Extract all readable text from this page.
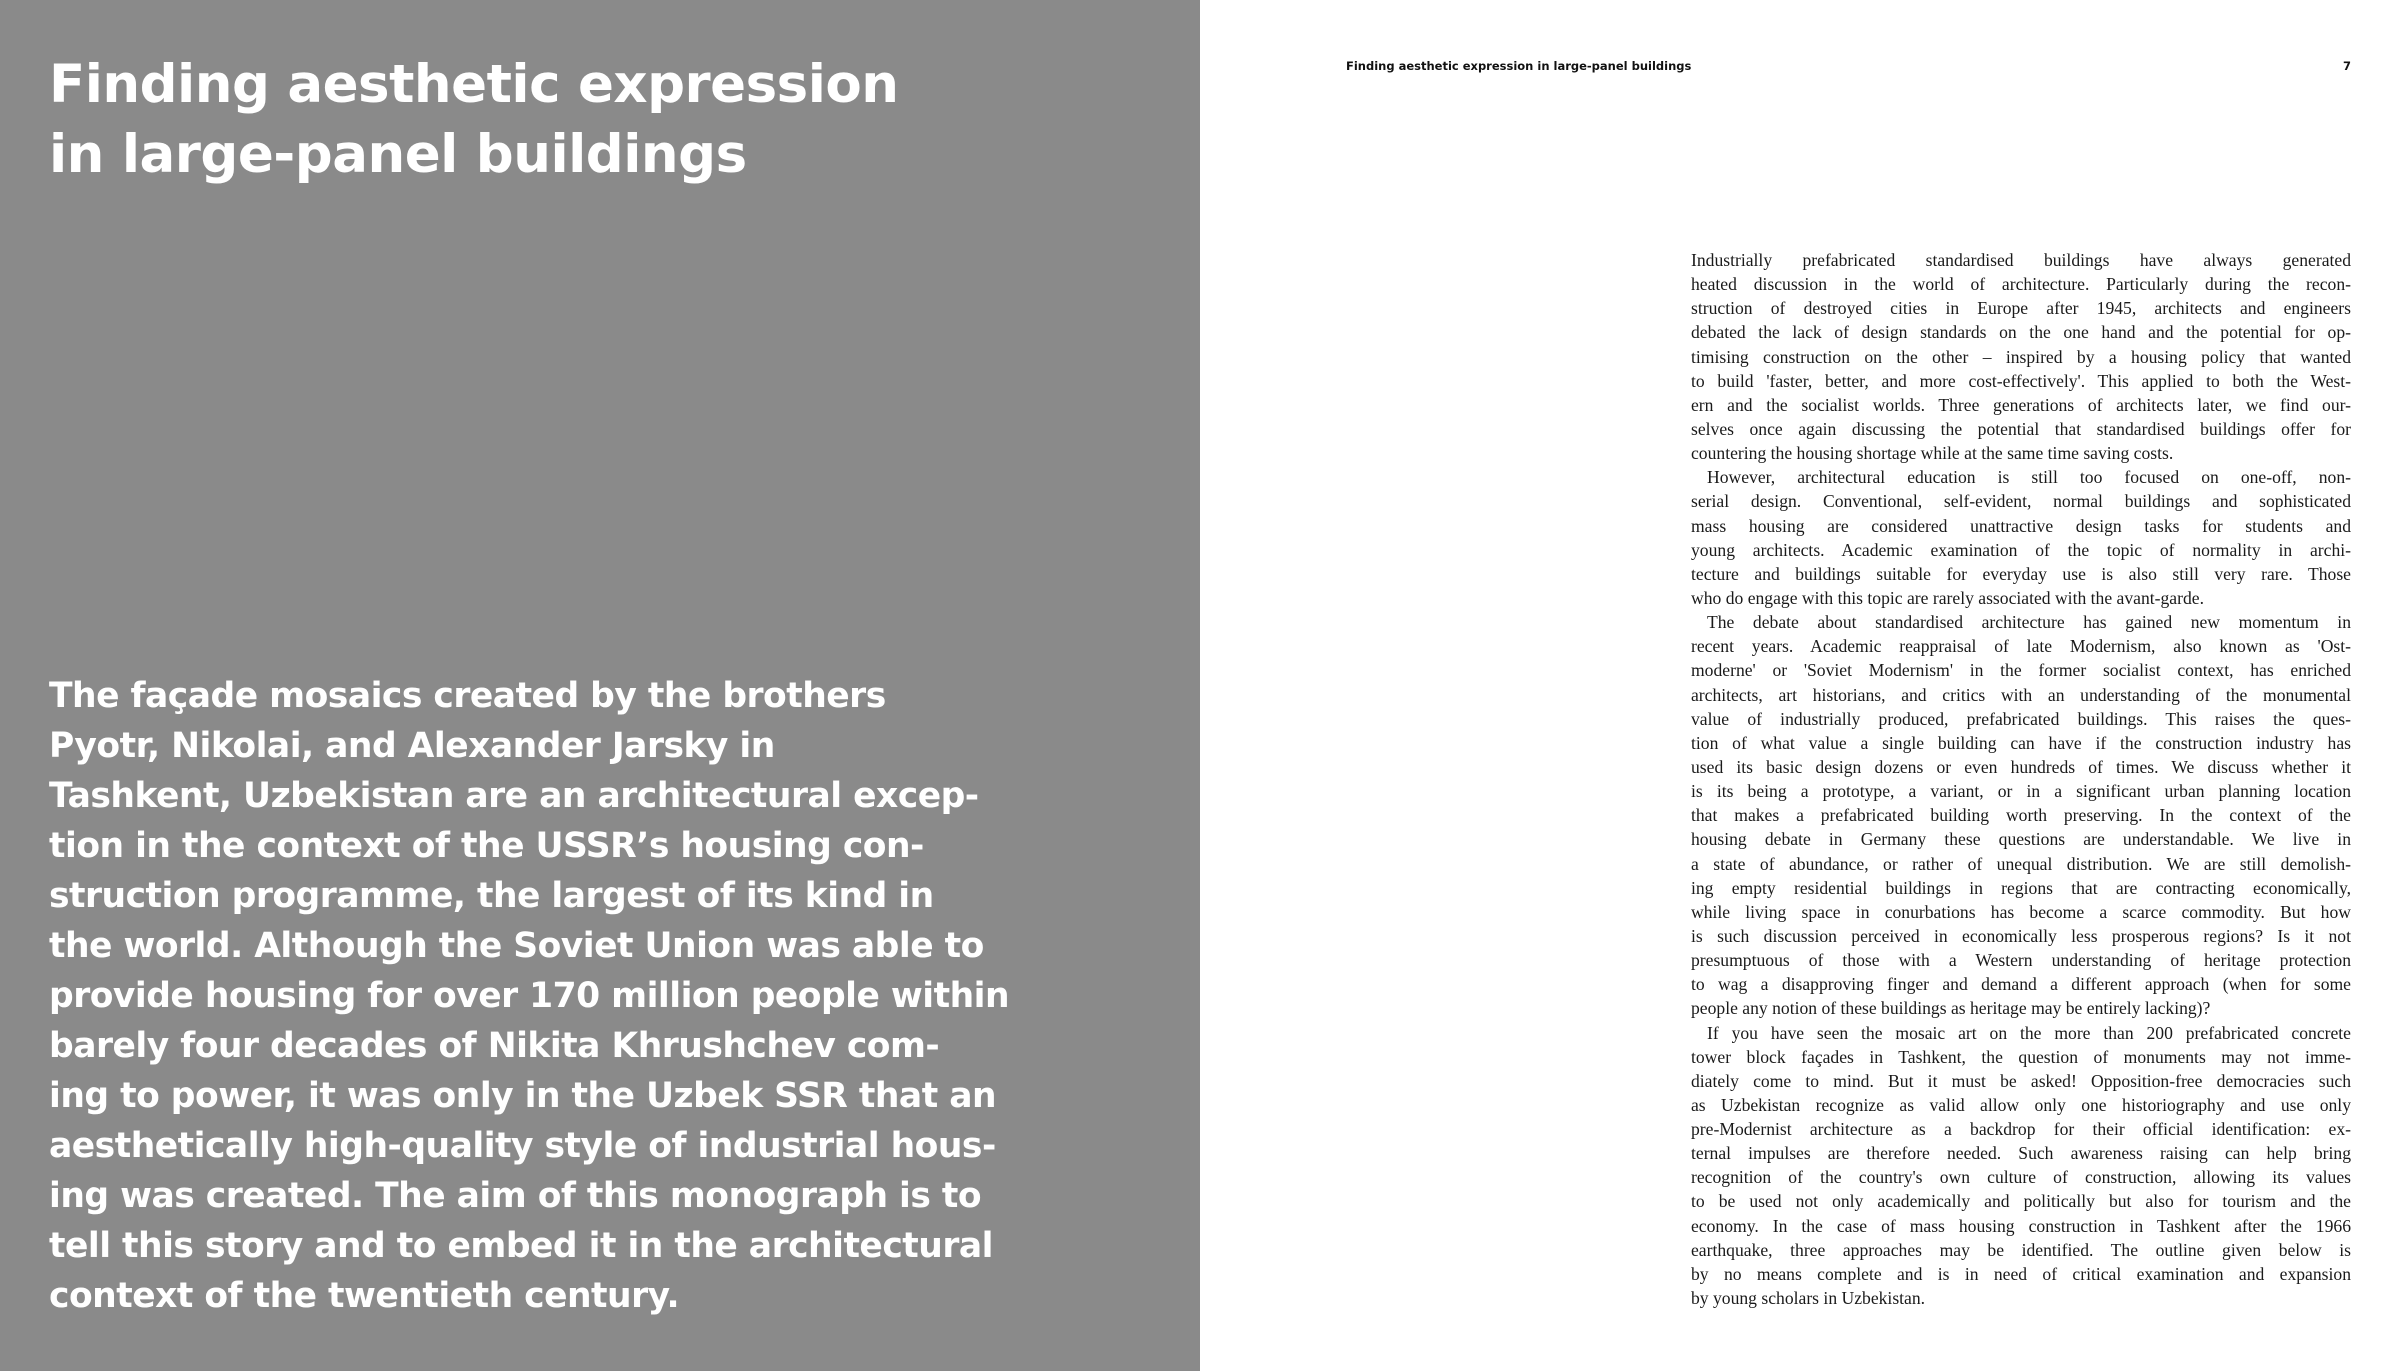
Finding aesthetic expression
in large-panel buildings

The façade mosaics created by the brothers
Pyotr, Nikolai, and Alexander Jarsky in
Tashkent, Uzbekistan are an architectural excep-
tion in the context of the USSR’s housing con-
struction programme, the largest of its kind in
the world. Although the Soviet Union was able to
provide housing for over 170 million people within
barely four decades of Nikita Khrushchev com-
ing to power, it was only in the Uzbek SSR that an
aesthetically high-quality style of industrial hous-
ing was created. The aim of this monograph is to
tell this story and to embed it in the architectural
context of the twentieth century.

Finding aesthetic expression in large-panel buildings	7
Industrially prefabricated standardised buildings have always generated
heated discussion in the world of architecture. Particularly during the recon-
struction of destroyed cities in Europe after 1945, architects and engineers
debated the lack of design standards on the one hand and the potential for op-
timising construction on the other – inspired by a housing policy that wanted
to build 'faster, better, and more cost-effectively'. This applied to both the West-
ern and the socialist worlds. Three generations of architects later, we find our-
selves once again discussing the potential that standardised buildings offer for
countering the housing shortage while at the same time saving costs.
However, architectural education is still too focused on one-off, non-
serial design. Conventional, self-evident, normal buildings and sophisticated
mass housing are considered unattractive design tasks for students and
young architects. Academic examination of the topic of normality in archi-
tecture and buildings suitable for everyday use is also still very rare. Those
who do engage with this topic are rarely associated with the avant-garde.
The debate about standardised architecture has gained new momentum in
recent years. Academic reappraisal of late Modernism, also known as 'Ost-
moderne' or 'Soviet Modernism' in the former socialist context, has enriched
architects, art historians, and critics with an understanding of the monumental
value of industrially produced, prefabricated buildings. This raises the ques-
tion of what value a single building can have if the construction industry has
used its basic design dozens or even hundreds of times. We discuss whether it
is its being a prototype, a variant, or in a significant urban planning location
that makes a prefabricated building worth preserving. In the context of the
housing debate in Germany these questions are understandable. We live in
a state of abundance, or rather of unequal distribution. We are still demolish-
ing empty residential buildings in regions that are contracting economically,
while living space in conurbations has become a scarce commodity. But how
is such discussion perceived in economically less prosperous regions? Is it not
presumptuous of those with a Western understanding of heritage protection
to wag a disapproving finger and demand a different approach (when for some
people any notion of these buildings as heritage may be entirely lacking)?
If you have seen the mosaic art on the more than 200 prefabricated concrete
tower block façades in Tashkent, the question of monuments may not imme-
diately come to mind. But it must be asked! Opposition-free democracies such
as Uzbekistan recognize as valid allow only one historiography and use only
pre-Modernist architecture as a backdrop for their official identification: ex-
ternal impulses are therefore needed. Such awareness raising can help bring
recognition of the country's own culture of construction, allowing its values
to be used not only academically and politically but also for tourism and the
economy. In the case of mass housing construction in Tashkent after the 1966
earthquake, three approaches may be identified. The outline given below is
by no means complete and is in need of critical examination and expansion
by young scholars in Uzbekistan.
